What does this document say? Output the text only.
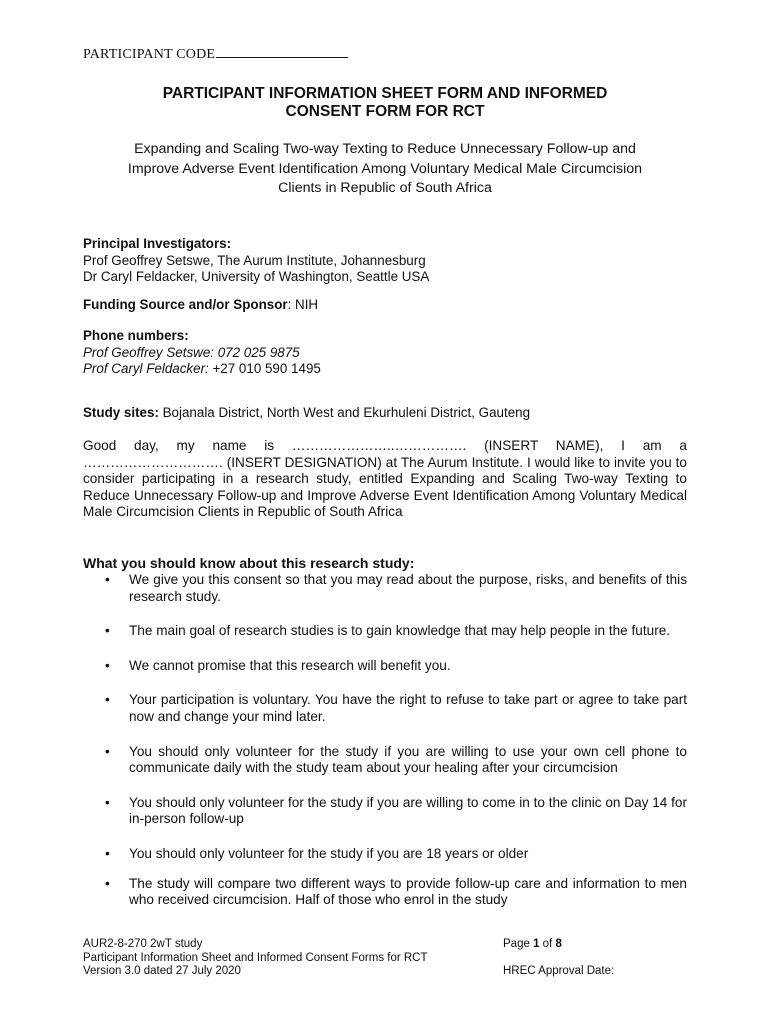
PARTICIPANT CODE
PARTICIPANT INFORMATION SHEET FORM AND INFORMED
CONSENT FORM FOR RCT
Expanding and Scaling Two-way Texting to Reduce Unnecessary Follow-up and
Improve Adverse Event Identification Among Voluntary Medical Male Circumcision
Clients in Republic of South Africa
Principal Investigators:
Prof Geoffrey Setswe, The Aurum Institute, Johannesburg
Dr Caryl Feldacker, University of Washington, Seattle USA
Funding Source and/or Sponsor: NIH
Phone numbers:
Prof Geoffrey Setswe: 072 025 9875
Prof Caryl Feldacker: +27 010 590 1495
Study sites: Bojanala District, North West and Ekurhuleni District, Gauteng
Good day, my name is …………………..……………. (INSERT NAME), I am a
…………………………. (INSERT DESIGNATION) at The Aurum Institute. I would like to invite you to consider participating in a research study, entitled Expanding and Scaling Two-way Texting to Reduce Unnecessary Follow-up and Improve Adverse Event Identification Among Voluntary Medical Male Circumcision Clients in Republic of South Africa
What you should know about this research study:
• We give you this consent so that you may read about the purpose, risks, and benefits of this research study.
• The main goal of research studies is to gain knowledge that may help people in the future.
• We cannot promise that this research will benefit you.
• Your participation is voluntary. You have the right to refuse to take part or agree to take part now and change your mind later.
• You should only volunteer for the study if you are willing to use your own cell phone to communicate daily with the study team about your healing after your circumcision
• You should only volunteer for the study if you are willing to come in to the clinic on Day 14 for in-person follow-up
• You should only volunteer for the study if you are 18 years or older
• The study will compare two different ways to provide follow-up care and information to men who received circumcision. Half of those who enrol in the study
AUR2-8-270 2wT study	Page 1 of 8
Participant Information Sheet and Informed Consent Forms for RCT
Version 3.0 dated 27 July 2020	HREC Approval Date:
